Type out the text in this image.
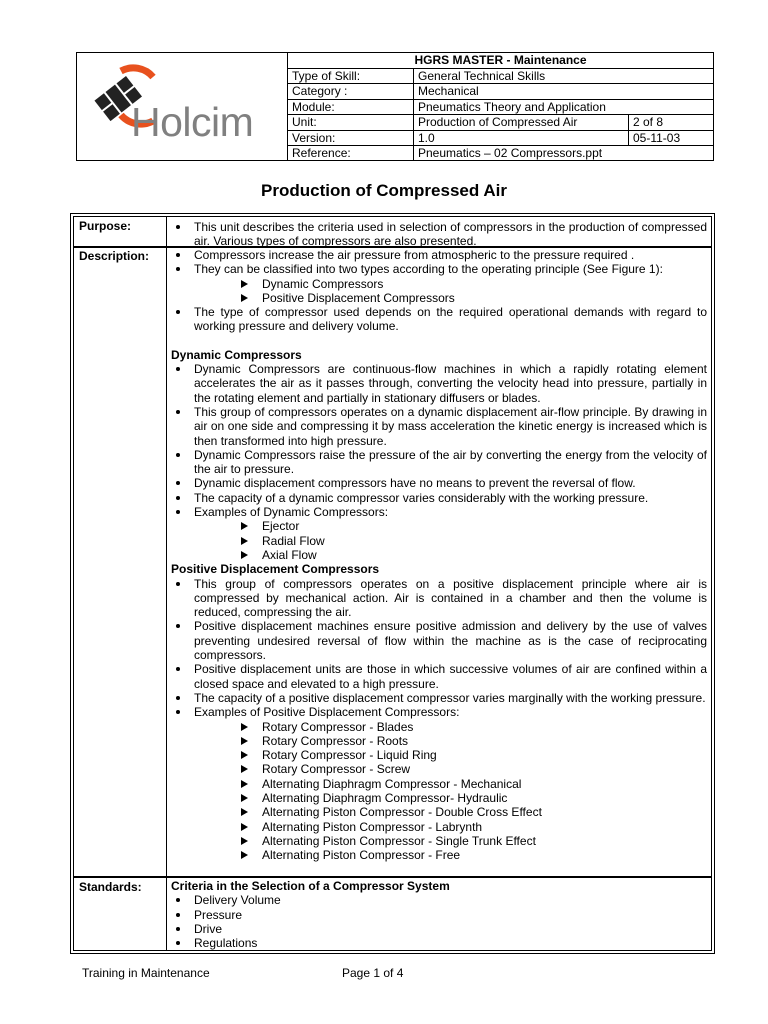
Holcim
HGRS MASTER - Maintenance		
Type of Skill:	General Technical Skills	
Category :	Mechanical	
Module:	Pneumatics Theory and Application	
Unit:	Production of Compressed Air	2 of 8
Version:	1.0	05-11-03
Reference:	Pneumatics – 02 Compressors.ppt	
Production of Compressed Air
Purpose:	This unit describes the criteria used in selection of compressors in the production of compressed air. Various types of compressors are also presented.
Description:	Compressors increase the air pressure from atmospheric to the pressure required .
They can be classified into two types according to the operating principle (See Figure 1):
Dynamic Compressors
Positive Displacement Compressors
The type of compressor used depends on the required operational demands with regard to working pressure and delivery volume.
Dynamic Compressors
Dynamic Compressors are continuous-flow machines in which a rapidly rotating element accelerates the air as it passes through, converting the velocity head into pressure, partially in the rotating element and partially in stationary diffusers or blades.
This group of compressors operates on a dynamic displacement air-flow principle. By drawing in air on one side and compressing it by mass acceleration the kinetic energy is increased which is then transformed into high pressure.
Dynamic Compressors raise the pressure of the air by converting the energy from the velocity of the air to pressure.
Dynamic displacement compressors have no means to prevent the reversal of flow.
The capacity of a dynamic compressor varies considerably with the working pressure.
Examples of Dynamic Compressors:
Ejector
Radial Flow
Axial Flow
Positive Displacement Compressors
This group of compressors operates on a positive displacement principle where air is compressed by mechanical action. Air is contained in a chamber and then the volume is reduced, compressing the air.
Positive displacement machines ensure positive admission and delivery by the use of valves preventing undesired reversal of flow within the machine as is the case of reciprocating compressors.
Positive displacement units are those in which successive volumes of air are confined within a closed space and elevated to a high pressure.
The capacity of a positive displacement compressor varies marginally with the working pressure.
Examples of Positive Displacement Compressors:
Rotary Compressor - Blades
Rotary Compressor - Roots
Rotary Compressor - Liquid Ring
Rotary Compressor - Screw
Alternating Diaphragm Compressor - Mechanical
Alternating Diaphragm Compressor- Hydraulic
Alternating Piston Compressor - Double Cross Effect
Alternating Piston Compressor - Labrynth
Alternating Piston Compressor - Single Trunk Effect
Alternating Piston Compressor - Free
Standards:	Criteria in the Selection of a Compressor System
Delivery Volume
Pressure
Drive
Regulations
Training in Maintenance	Page 1 of 4
